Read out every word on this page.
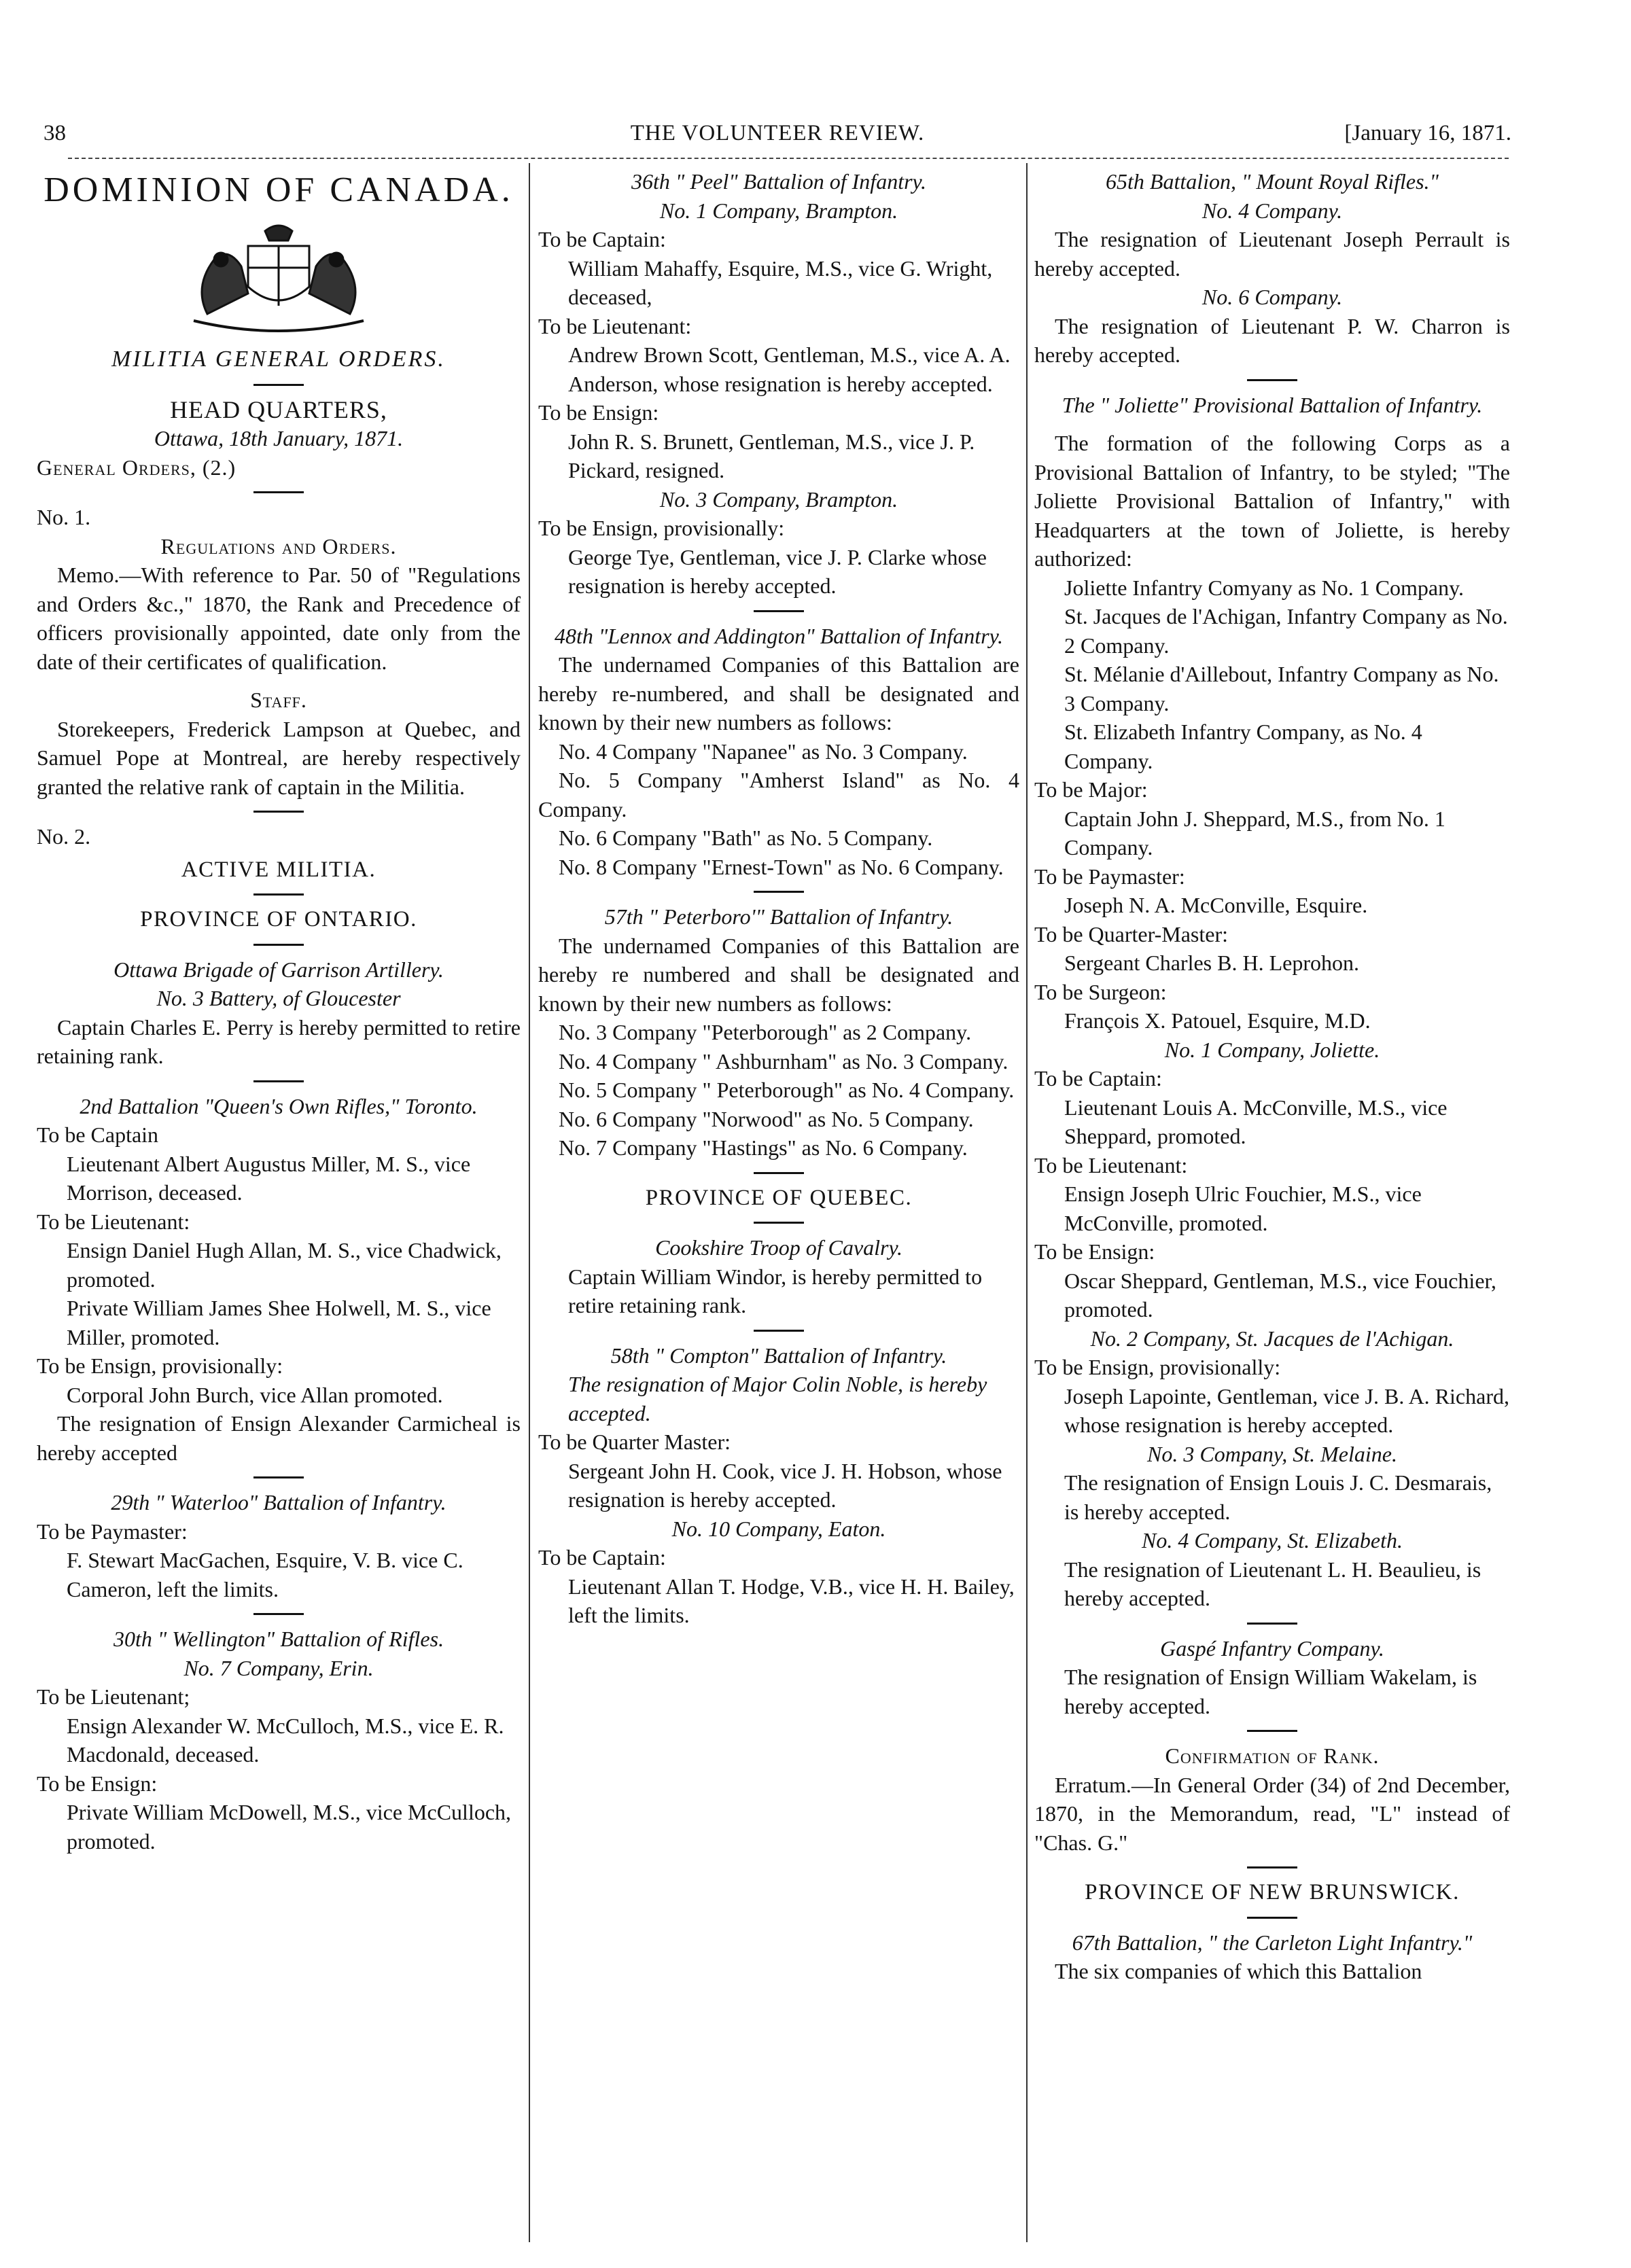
38	THE VOLUNTEER REVIEW.	[January 16, 1871.

DOMINION OF CANADA.

MILITIA GENERAL ORDERS.

HEAD QUARTERS,

Ottawa, 18th January, 1871.

General Orders, (2.)

No. 1.

Regulations and Orders.

Memo.—With reference to Par. 50 of "Regulations and Orders &c.," 1870, the Rank and Precedence of officers provisionally appointed, date only from the date of their certificates of qualification.

Staff.

Storekeepers, Frederick Lampson at Quebec, and Samuel Pope at Montreal, are hereby respectively granted the relative rank of captain in the Militia.

No. 2.

ACTIVE MILITIA.

PROVINCE OF ONTARIO.

Ottawa Brigade of Garrison Artillery.

No. 3 Battery, of Gloucester

Captain Charles E. Perry is hereby permitted to retire retaining rank.

2nd Battalion "Queen's Own Rifles," Toronto.

To be Captain

Lieutenant Albert Augustus Miller, M. S., vice Morrison, deceased.

To be Lieutenant:

Ensign Daniel Hugh Allan, M. S., vice Chadwick, promoted.

Private William James Shee Holwell, M. S., vice Miller, promoted.

To be Ensign, provisionally:

Corporal John Burch, vice Allan promoted.

The resignation of Ensign Alexander Carmicheal is hereby accepted

29th " Waterloo" Battalion of Infantry.

To be Paymaster:

F. Stewart MacGachen, Esquire, V. B. vice C. Cameron, left the limits.

30th " Wellington" Battalion of Rifles.

No. 7 Company, Erin.

To be Lieutenant;

Ensign Alexander W. McCulloch, M.S., vice E. R. Macdonald, deceased.

To be Ensign:

Private William McDowell, M.S., vice McCulloch, promoted.

36th " Peel" Battalion of Infantry.

No. 1 Company, Brampton.

To be Captain:

William Mahaffy, Esquire, M.S., vice G. Wright, deceased,

To be Lieutenant:

Andrew Brown Scott, Gentleman, M.S., vice A. A. Anderson, whose resignation is hereby accepted.

To be Ensign:

John R. S. Brunett, Gentleman, M.S., vice J. P. Pickard, resigned.

No. 3 Company, Brampton.

To be Ensign, provisionally:

George Tye, Gentleman, vice J. P. Clarke whose resignation is hereby accepted.

48th "Lennox and Addington" Battalion of Infantry.

The undernamed Companies of this Battalion are hereby re-numbered, and shall be designated and known by their new numbers as follows:

No. 4 Company "Napanee" as No. 3 Company.

No. 5 Company "Amherst Island" as No. 4 Company.

No. 6 Company "Bath" as No. 5 Company.

No. 8 Company "Ernest-Town" as No. 6 Company.

57th " Peterboro'" Battalion of Infantry.

The undernamed Companies of this Battalion are hereby re numbered and shall be designated and known by their new numbers as follows:

No. 3 Company "Peterborough" as 2 Company.

No. 4 Company " Ashburnham" as No. 3 Company.

No. 5 Company " Peterborough" as No. 4 Company.

No. 6 Company "Norwood" as No. 5 Company.

No. 7 Company "Hastings" as No. 6 Company.

PROVINCE OF QUEBEC.

Cookshire Troop of Cavalry.

Captain William Windor, is hereby permitted to retire retaining rank.

58th " Compton" Battalion of Infantry.

The resignation of Major Colin Noble, is hereby accepted.

To be Quarter Master:

Sergeant John H. Cook, vice J. H. Hobson, whose resignation is hereby accepted.

No. 10 Company, Eaton.

To be Captain:

Lieutenant Allan T. Hodge, V.B., vice H. H. Bailey, left the limits.

65th Battalion, " Mount Royal Rifles."

No. 4 Company.

The resignation of Lieutenant Joseph Perrault is hereby accepted.

No. 6 Company.

The resignation of Lieutenant P. W. Charron is hereby accepted.

The " Joliette" Provisional Battalion of Infantry.

The formation of the following Corps as a Provisional Battalion of Infantry, to be styled; "The Joliette Provisional Battalion of Infantry," with Headquarters at the town of Joliette, is hereby authorized:

Joliette Infantry Comyany as No. 1 Company.

St. Jacques de l'Achigan, Infantry Company as No. 2 Company.

St. Mélanie d'Aillebout, Infantry Company as No. 3 Company.

St. Elizabeth Infantry Company, as No. 4 Company.

To be Major:

Captain John J. Sheppard, M.S., from No. 1 Company.

To be Paymaster:

Joseph N. A. McConville, Esquire.

To be Quarter-Master:

Sergeant Charles B. H. Leprohon.

To be Surgeon:

François X. Patouel, Esquire, M.D.

No. 1 Company, Joliette.

To be Captain:

Lieutenant Louis A. McConville, M.S., vice Sheppard, promoted.

To be Lieutenant:

Ensign Joseph Ulric Fouchier, M.S., vice McConville, promoted.

To be Ensign:

Oscar Sheppard, Gentleman, M.S., vice Fouchier, promoted.

No. 2 Company, St. Jacques de l'Achigan.

To be Ensign, provisionally:

Joseph Lapointe, Gentleman, vice J. B. A. Richard, whose resignation is hereby accepted.

No. 3 Company, St. Melaine.

The resignation of Ensign Louis J. C. Desmarais, is hereby accepted.

No. 4 Company, St. Elizabeth.

The resignation of Lieutenant L. H. Beaulieu, is hereby accepted.

Gaspé Infantry Company.

The resignation of Ensign William Wakelam, is hereby accepted.

Confirmation of Rank.

Erratum.—In General Order (34) of 2nd December, 1870, in the Memorandum, read, "L" instead of "Chas. G."

PROVINCE OF NEW BRUNSWICK.

67th Battalion, " the Carleton Light Infantry."

The six companies of which this Battalion
